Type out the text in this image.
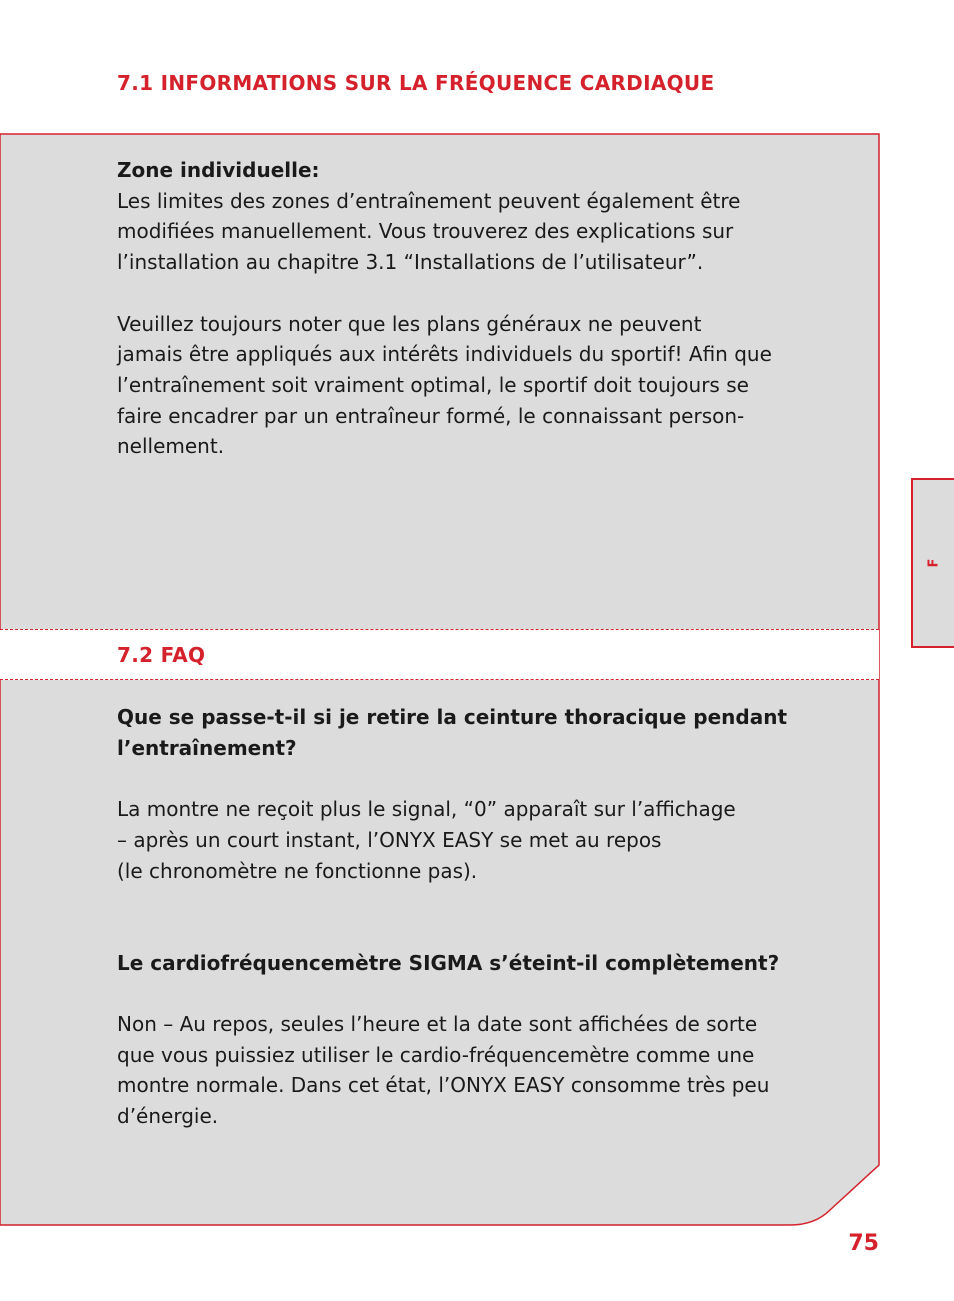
7.1 INFORMATIONS SUR LA FRÉQUENCE CARDIAQUE

Zone individuelle:

Les limites des zones d’entraînement peuvent également être

modifiées manuellement. Vous trouverez des explications sur

l’installation au chapitre 3.1 “Installations de l’utilisateur”.

Veuillez toujours noter que les plans généraux ne peuvent

jamais être appliqués aux intérêts individuels du sportif! Afin que

l’entraînement soit vraiment optimal, le sportif doit toujours se

faire encadrer par un entraîneur formé, le connaissant person-

nellement.

7.2 FAQ

Que se passe-t-il si je retire la ceinture thoracique pendant

l’entraînement?

La montre ne reçoit plus le signal, “0” apparaît sur l’affichage

– après un court instant, l’ONYX EASY se met au repos

(le chronomètre ne fonctionne pas).

Le cardiofréquencemètre SIGMA s’éteint-il complètement?

Non – Au repos, seules l’heure et la date sont affichées de sorte

que vous puissiez utiliser le cardio-fréquencemètre comme une

montre normale. Dans cet état, l’ONYX EASY consomme très peu

d’énergie.

F
75
